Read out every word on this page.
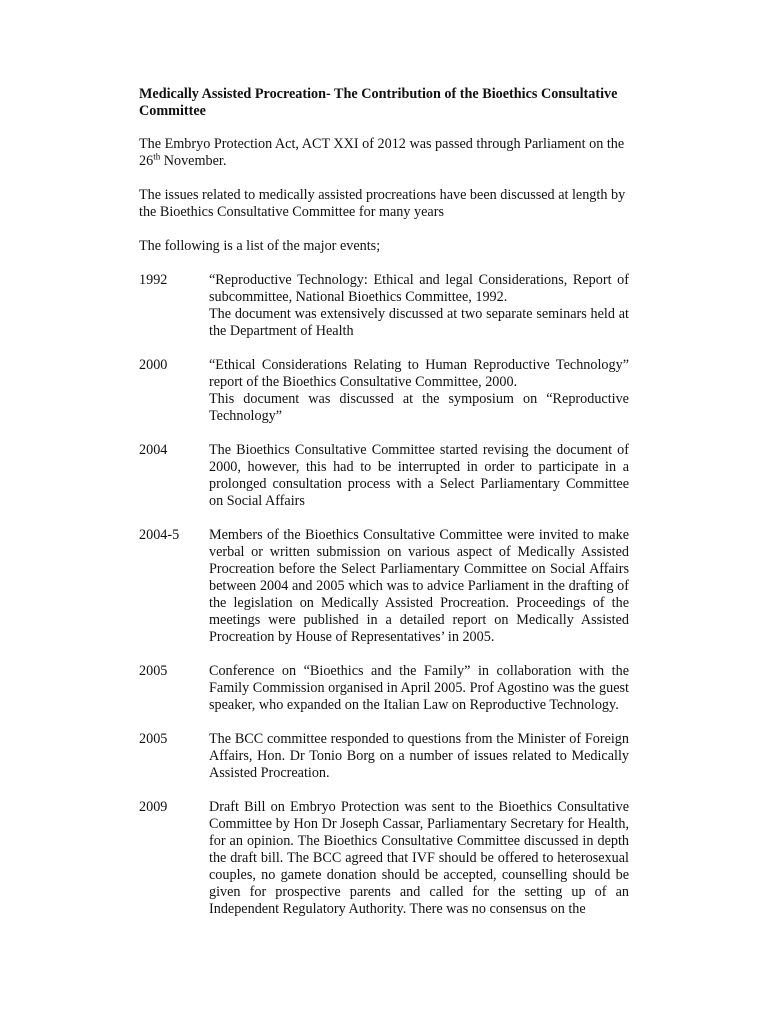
Medically Assisted Procreation- The Contribution of the Bioethics Consultative Committee
The Embryo Protection Act, ACT XXI of 2012 was passed through Parliament on the 26th November.
The issues related to medically assisted procreations have been discussed at length by the Bioethics Consultative Committee for many years
The following is a list of the major events;
1992	“Reproductive Technology: Ethical and legal Considerations, Report of subcommittee, National Bioethics Committee, 1992.
The document was extensively discussed at two separate seminars held at the Department of Health
2000	“Ethical Considerations Relating to Human Reproductive Technology” report of the Bioethics Consultative Committee, 2000.
This document was discussed at the symposium on “Reproductive Technology”
2004	The Bioethics Consultative Committee started revising the document of 2000, however, this had to be interrupted in order to participate in a prolonged consultation process with a Select Parliamentary Committee on Social Affairs
2004-5	Members of the Bioethics Consultative Committee were invited to make verbal or written submission on various aspect of Medically Assisted Procreation before the Select Parliamentary Committee on Social Affairs between 2004 and 2005 which was to advice Parliament in the drafting of the legislation on Medically Assisted Procreation. Proceedings of the meetings were published in a detailed report on Medically Assisted Procreation by House of Representatives’ in 2005.
2005	Conference on “Bioethics and the Family” in collaboration with the Family Commission organised in April 2005. Prof Agostino was the guest speaker, who expanded on the Italian Law on Reproductive Technology.
2005	The BCC committee responded to questions from the Minister of Foreign Affairs, Hon. Dr Tonio Borg on a number of issues related to Medically Assisted Procreation.
2009	Draft Bill on Embryo Protection was sent to the Bioethics Consultative Committee by Hon Dr Joseph Cassar, Parliamentary Secretary for Health, for an opinion. The Bioethics Consultative Committee discussed in depth the draft bill. The BCC agreed that IVF should be offered to heterosexual couples, no gamete donation should be accepted, counselling should be given for prospective parents and called for the setting up of an Independent Regulatory Authority. There was no consensus on the
